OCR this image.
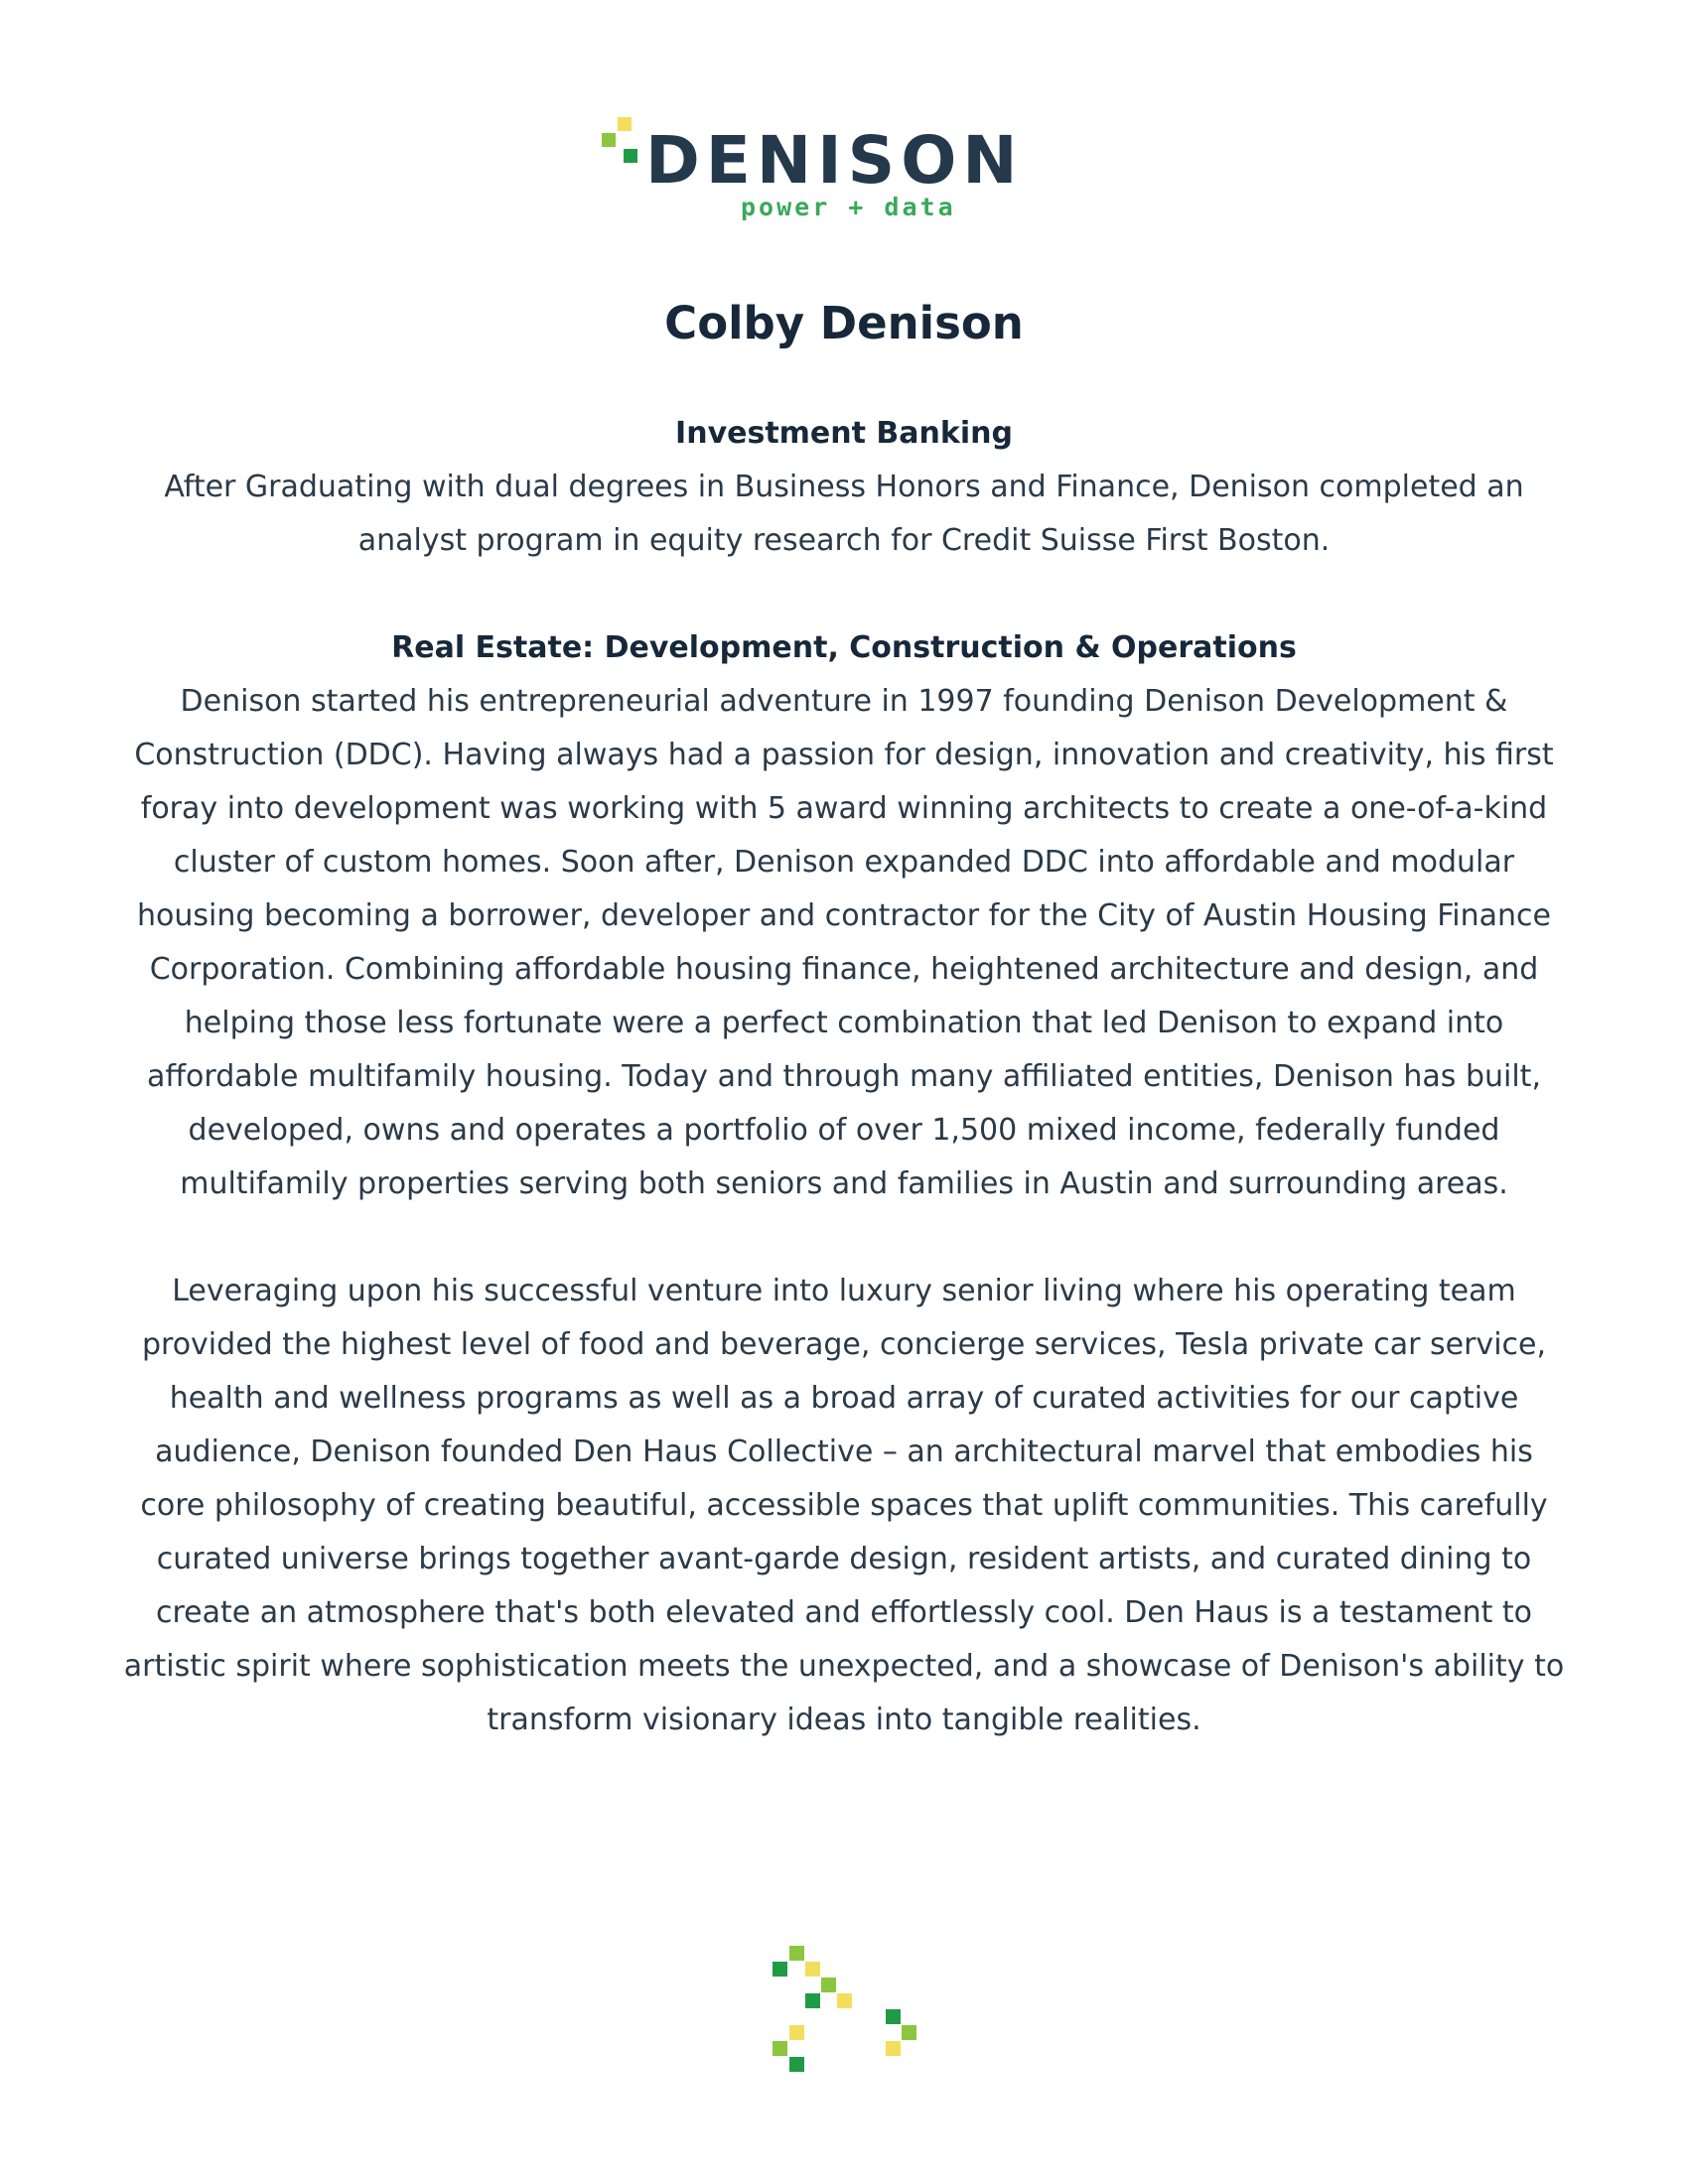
DENISON
power + data
Colby Denison
Investment Banking

After Graduating with dual degrees in Business Honors and Finance, Denison completed an analyst program in equity research for Credit Suisse First Boston.

Real Estate: Development, Construction & Operations

Denison started his entrepreneurial adventure in 1997 founding Denison Development & Construction (DDC). Having always had a passion for design, innovation and creativity, his first foray into development was working with 5 award winning architects to create a one-of-a-kind cluster of custom homes. Soon after, Denison expanded DDC into affordable and modular housing becoming a borrower, developer and contractor for the City of Austin Housing Finance Corporation. Combining affordable housing finance, heightened architecture and design, and helping those less fortunate were a perfect combination that led Denison to expand into affordable multifamily housing. Today and through many affiliated entities, Denison has built, developed, owns and operates a portfolio of over 1,500 mixed income, federally funded multifamily properties serving both seniors and families in Austin and surrounding areas.

Leveraging upon his successful venture into luxury senior living where his operating team provided the highest level of food and beverage, concierge services, Tesla private car service, health and wellness programs as well as a broad array of curated activities for our captive audience, Denison founded Den Haus Collective – an architectural marvel that embodies his core philosophy of creating beautiful, accessible spaces that uplift communities. This carefully curated universe brings together avant-garde design, resident artists, and curated dining to create an atmosphere that's both elevated and effortlessly cool. Den Haus is a testament to artistic spirit where sophistication meets the unexpected, and a showcase of Denison's ability to transform visionary ideas into tangible realities.
